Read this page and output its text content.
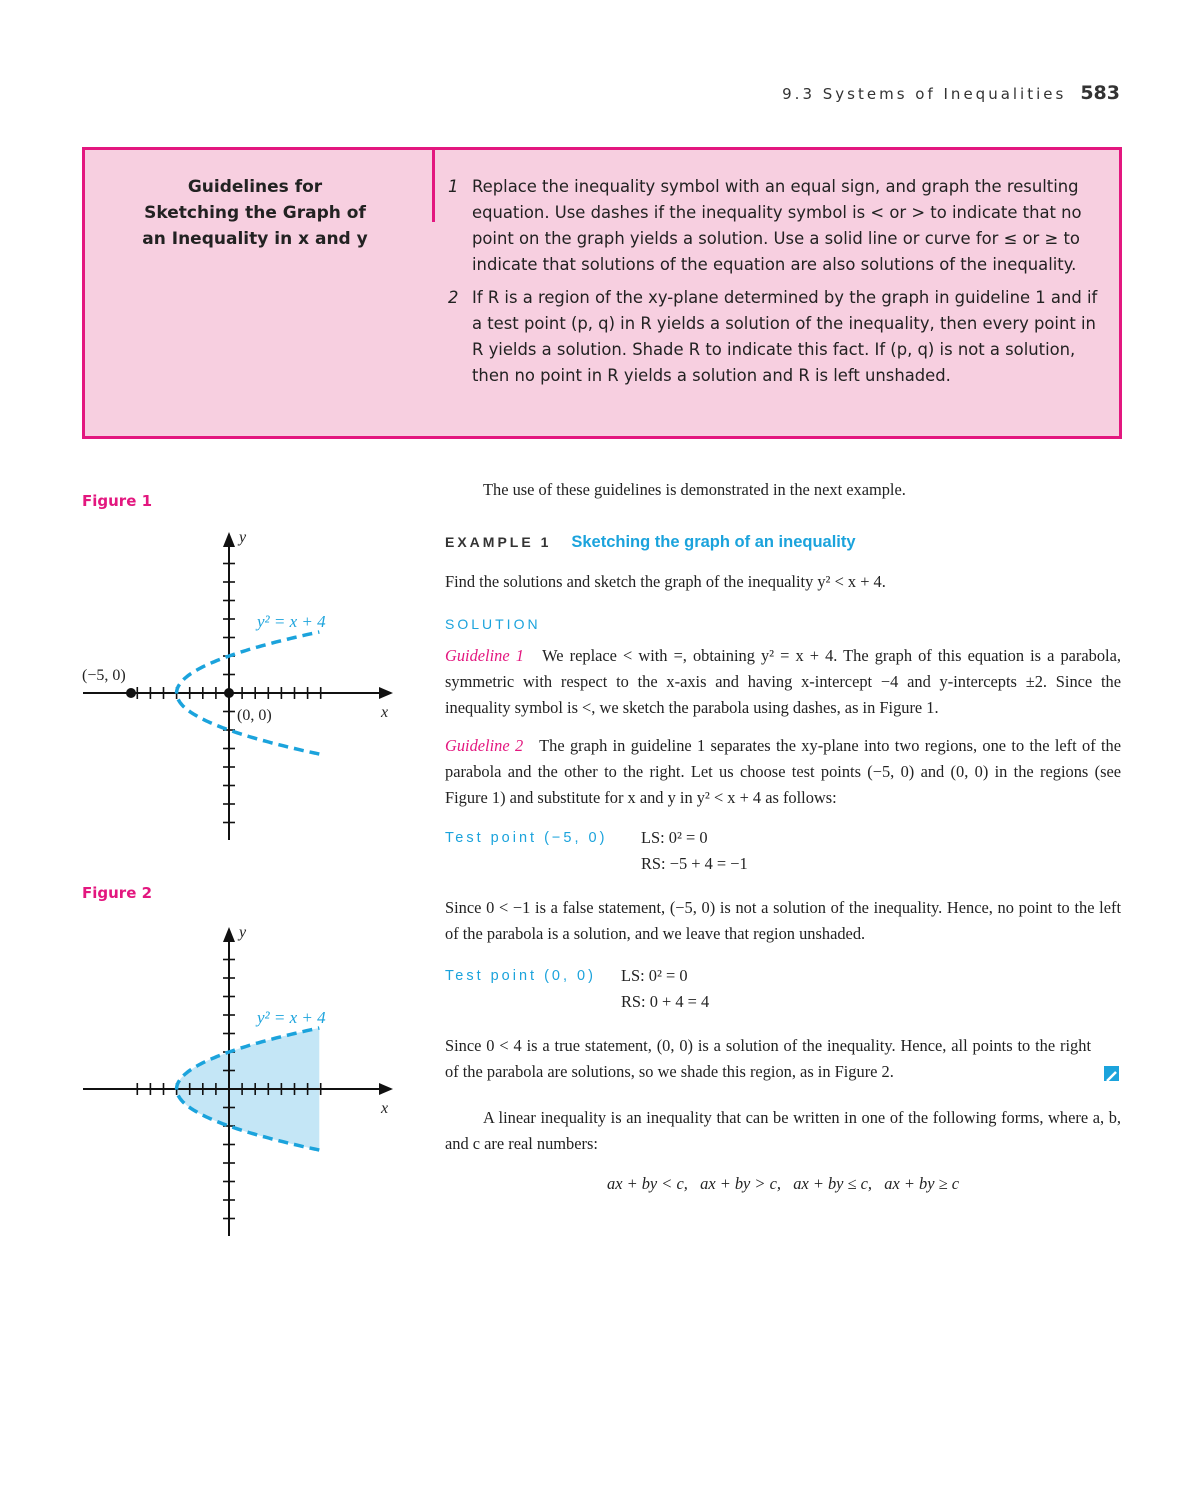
9.3 Systems of Inequalities 583
Guidelines for
Sketching the Graph of
an Inequality in x and y
1 Replace the inequality symbol with an equal sign, and graph the resulting equation. Use dashes if the inequality symbol is < or > to indicate that no point on the graph yields a solution. Use a solid line or curve for ≤ or ≥ to indicate that solutions of the equation are also solutions of the inequality.
2 If R is a region of the xy-plane determined by the graph in guideline 1 and if a test point (p, q) in R yields a solution of the inequality, then every point in R yields a solution. Shade R to indicate this fact. If (p, q) is not a solution, then no point in R yields a solution and R is left unshaded.
Figure 1
Figure 2
y
x
y² = x + 4
(−5, 0)
(0, 0)
y
x
y² = x + 4

The use of these guidelines is demonstrated in the next example.

EXAMPLE 1 Sketching the graph of an inequality

Find the solutions and sketch the graph of the inequality y² < x + 4.

SOLUTION

Guideline 1 We replace < with =, obtaining y² = x + 4. The graph of this equation is a parabola, symmetric with respect to the x-axis and having x-intercept −4 and y-intercepts ±2. Since the inequality symbol is <, we sketch the parabola using dashes, as in Figure 1.

Guideline 2 The graph in guideline 1 separates the xy-plane into two regions, one to the left of the parabola and the other to the right. Let us choose test points (−5, 0) and (0, 0) in the regions (see Figure 1) and substitute for x and y in y² < x + 4 as follows:

Test point (−5, 0) LS: 0² = 0
RS: −5 + 4 = −1

Since 0 < −1 is a false statement, (−5, 0) is not a solution of the inequality. Hence, no point to the left of the parabola is a solution, and we leave that region unshaded.

Test point (0, 0) LS: 0² = 0
RS: 0 + 4 = 4

Since 0 < 4 is a true statement, (0, 0) is a solution of the inequality. Hence, all points to the right of the parabola are solutions, so we shade this region, as in Figure 2.

A linear inequality is an inequality that can be written in one of the following forms, where a, b, and c are real numbers:

ax + by < c,   ax + by > c,   ax + by ≤ c,   ax + by ≥ c
